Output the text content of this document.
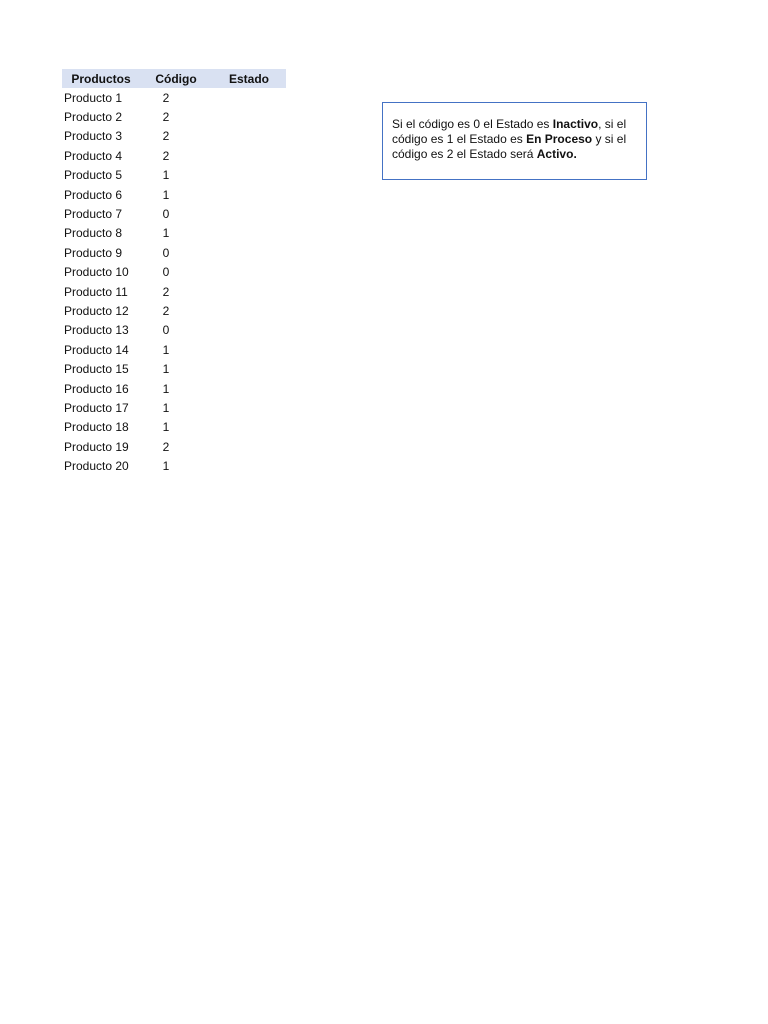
Productos	Código	Estado
Producto 1	2	
Producto 2	2	
Producto 3	2	
Producto 4	2	
Producto 5	1	
Producto 6	1	
Producto 7	0	
Producto 8	1	
Producto 9	0	
Producto 10	0	
Producto 11	2	
Producto 12	2	
Producto 13	0	
Producto 14	1	
Producto 15	1	
Producto 16	1	
Producto 17	1	
Producto 18	1	
Producto 19	2	
Producto 20	1	
Si el código es 0 el Estado es Inactivo, si el código es 1 el Estado es En Proceso y si el código es 2 el Estado será Activo.
